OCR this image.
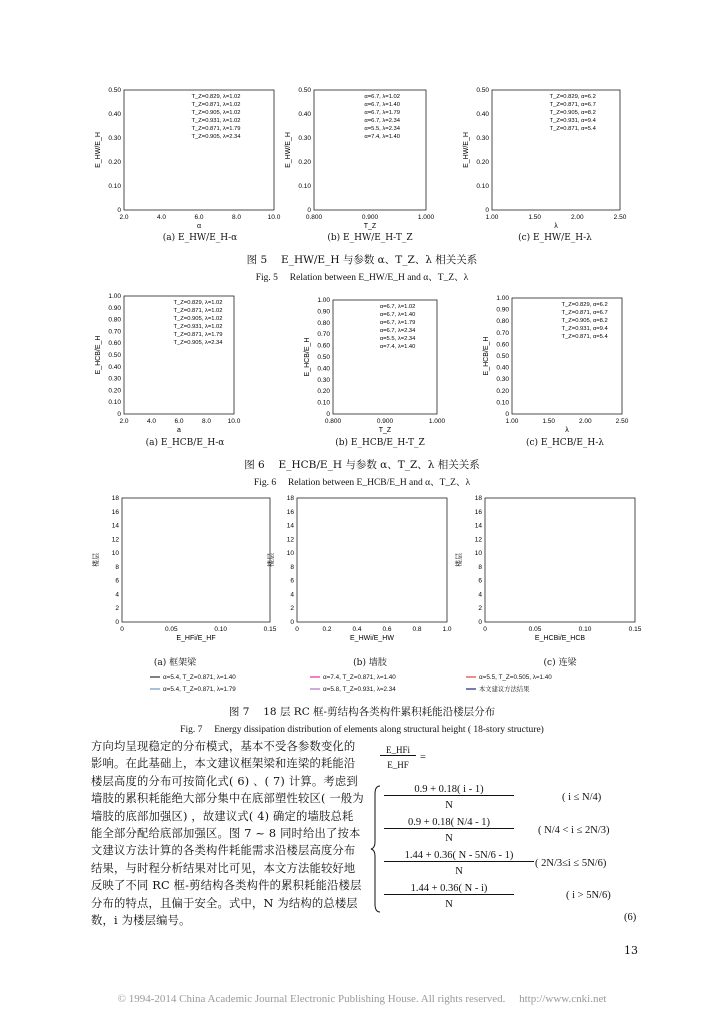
0.50
0.40
0.30
0.20
0.10
0
2.0	4.0	6.0	8.0	10.0
α
E_HW/E_H
T_Z=0.829, λ=1.02
T_Z=0.871, λ=1.02
T_Z=0.905, λ=1.02
T_Z=0.931, λ=1.02
T_Z=0.871, λ=1.79
T_Z=0.905, λ=2.34
0.50
0.40
0.30
0.20
0.10
0
0.800	0.900	1.000
T_Z
E_HW/E_H
α=6.7, λ=1.02
α=6.7, λ=1.40
α=6.7, λ=1.79
α=6.7, λ=2.34
α=5.5, λ=2.34
α=7.4, λ=1.40
0.50
0.40
0.30
0.20
0.10
0
1.00	1.50	2.00	2.50
λ
E_HW/E_H
T_Z=0.829, α=6.2
T_Z=0.871, α=6.7
T_Z=0.905, α=8.2
T_Z=0.931, α=9.4
T_Z=0.871, α=5.4
(a) E_HW/E_H-α	(b) E_HW/E_H-T_Z	(c) E_HW/E_H-λ
图 5　 E_HW/E_H 与参数 α、T_Z、λ 相关关系
Fig. 5　 Relation between E_HW/E_H and α、T_Z、λ
1.00
0.90
0.80
0.70
0.60
0.50
0.40
0.30
0.20
0.10
0
2.0	4.0	6.0	8.0	10.0
a
E_HCB/E_H
T_Z=0.829, λ=1.02
T_Z=0.871, λ=1.02
T_Z=0.905, λ=1.02
T_Z=0.931, λ=1.02
T_Z=0.871, λ=1.79
T_Z=0.905, λ=2.34
1.00
0.90
0.80
0.70
0.60
0.50
0.40
0.30
0.20
0.10
0
0.800	0.900	1.000
T_Z
E_HCB/E_H
α=6.7, λ=1.02
α=6.7, λ=1.40
α=6.7, λ=1.79
α=6.7, λ=2.34
α=5.5, λ=2.34
α=7.4, λ=1.40
1.00
0.90
0.80
0.70
0.60
0.50
0.40
0.30
0.20
0.10
0
1.00	1.50	2.00	2.50
λ
E_HCB/E_H
T_Z=0.829, α=6.2
T_Z=0.871, α=6.7
T_Z=0.905, α=8.2
T_Z=0.931, α=9.4
T_Z=0.871, α=5.4
(a) E_HCB/E_H-α	(b) E_HCB/E_H-T_Z	(c) E_HCB/E_H-λ
图 6　 E_HCB/E_H 与参数 α、T_Z、λ 相关关系
Fig. 6　 Relation between E_HCB/E_H and α、T_Z、λ
18
16
14
12
10
8
6
4
2
0
0	0.05	0.10	0.15
E_HFi/E_HF
楼层
18
16
14
12
10
8
6
4
2
0
0	0.2	0.4	0.6	0.8	1.0
E_HWi/E_HW
楼层
18
16
14
12
10
8
6
4
2
0
0	0.05	0.10	0.15
E_HCBi/E_HCB
楼层
(a) 框架梁	(b) 墙肢	(c) 连梁
α=5.4, T_Z=0.871, λ=1.40	α=7.4, T_Z=0.871, λ=1.40	α=5.5, T_Z=0.505, λ=1.40
α=5.4, T_Z=0.871, λ=1.79	α=5.8, T_Z=0.931, λ=2.34	本文建议方法结果
图 7　 18 层 RC 框-剪结构各类构件累积耗能沿楼层分布
Fig. 7　 Energy dissipation distribution of elements along structural height ( 18-story structure)
方向均呈现稳定的分布模式，基本不受各参数变化的影响。在此基础上，本文建议框架梁和连梁的耗能沿楼层高度的分布可按简化式( 6) 、( 7) 计算。考虑到墙肢的累积耗能绝大部分集中在底部塑性较区( 一般为墙肢的底部加强区) ，故建议式( 4) 确定的墙肢总耗能全部分配给底部加强区。图 7 ~ 8 同时给出了按本文建议方法计算的各类构件耗能需求沿楼层高度分布结果，与时程分析结果对比可见，本文方法能较好地反映了不同 RC 框-剪结构各类构件的累积耗能沿楼层分布的特点，且偏于安全。式中，N 为结构的总楼层数，i 为楼层编号。
E_HFi
E_HF
=
0.9 + 0.18( i - 1)
N
( i ≤ N/4)
0.9 + 0.18( N/4 - 1)
N
( N/4 < i ≤ 2N/3)
1.44 + 0.36( N - 5N/6 - 1)
N
( 2N/3≤i ≤ 5N/6)
1.44 + 0.36( N - i)
N
( i > 5N/6)
(6)
13
© 1994-2014 China Academic Journal Electronic Publishing House. All rights reserved.　 http://www.cnki.net
